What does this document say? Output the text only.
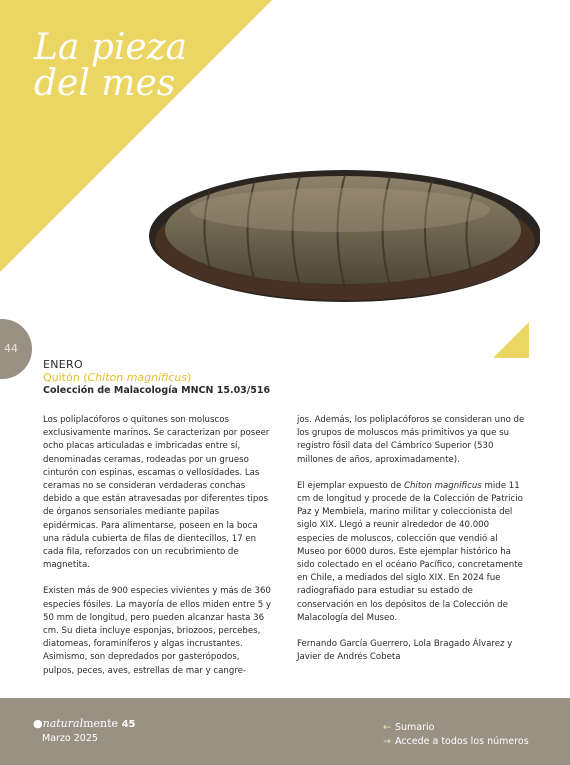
La pieza
del mes
44
ENERO
Quitón (Chiton magnificus)
Colección de Malacología MNCN 15.03/516

Los poliplacóforos o quitones son moluscos exclusivamente marinos. Se caracterizan por poseer ocho placas articuladas e imbricadas entre sí, denominadas ceramas, rodeadas por un grueso cinturón con espinas, escamas o vellosidades. Las ceramas no se consideran verdaderas conchas debido a que están atravesadas por diferentes tipos de órganos sensoriales mediante papilas epidérmicas. Para alimentarse, poseen en la boca una rádula cubierta de filas de dientecillos, 17 en cada fila, reforzados con un recubrimiento de magnetita.

Existen más de 900 especies vivientes y más de 360 especies fósiles. La mayoría de ellos miden entre 5 y 50 mm de longitud, pero pueden alcanzar hasta 36 cm. Su dieta incluye esponjas, briozoos, percebes, diatomeas, foraminíferos y algas incrustantes. Asimismo, son depredados por gasterópodos, pulpos, peces, aves, estrellas de mar y cangre-

jos. Además, los poliplacóforos se consideran uno de los grupos de moluscos más primitivos ya que su registro fósil data del Cámbrico Superior (530 millones de años, aproximadamente).

El ejemplar expuesto de Chiton magnificus mide 11 cm de longitud y procede de la Colección de Patricio Paz y Membiela, marino militar y coleccionista del siglo XIX. Llegó a reunir alrededor de 40.000 especies de moluscos, colección que vendió al Museo por 6000 duros. Este ejemplar histórico ha sido colectado en el océano Pacífico, concretamente en Chile, a mediados del siglo XIX. En 2024 fue radiografiado para estudiar su estado de conservación en los depósitos de la Colección de Malacología del Museo.

Fernando García Guerrero, Lola Bragado Álvarez y Javier de Andrés Cobeta

●naturalmente 45
Marzo 2025
← Sumario
→ Accede a todos los números
